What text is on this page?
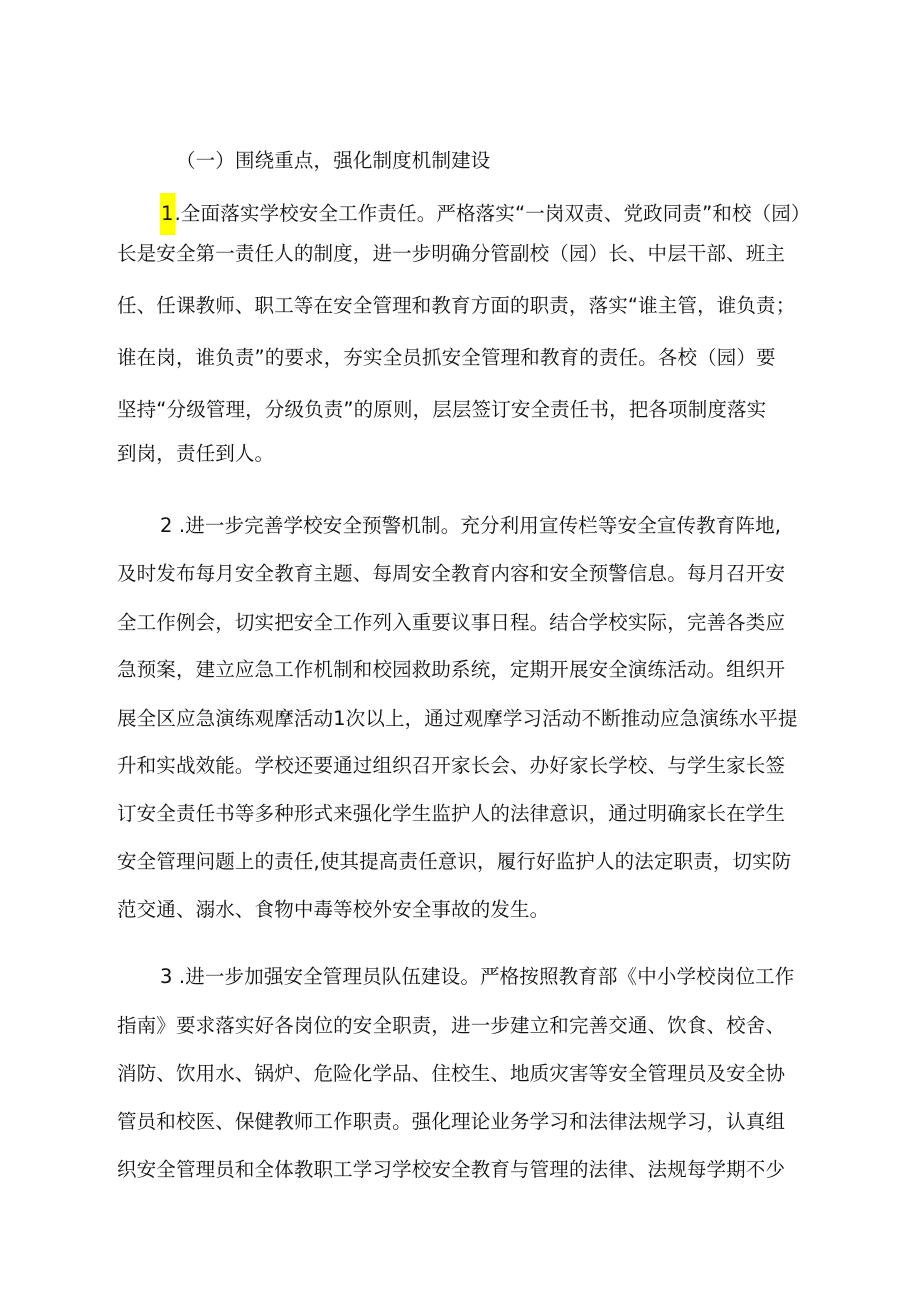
（一）围绕重点，强化制度机制建设
1.全面落实学校安全工作责任。严格落实“一岗双责、党政同责”和校（园）
长是安全第一责任人的制度，进一步明确分管副校（园）长、中层干部、班主
任、任课教师、职工等在安全管理和教育方面的职责，落实“谁主管，谁负责；
谁在岗，谁负责”的要求，夯实全员抓安全管理和教育的责任。各校（园）要
坚持“分级管理，分级负责”的原则，层层签订安全责任书，把各项制度落实
到岗，责任到人。
2 .进一步完善学校安全预警机制。充分利用宣传栏等安全宣传教育阵地,
及时发布每月安全教育主题、每周安全教育内容和安全预警信息。每月召开安
全工作例会，切实把安全工作列入重要议事日程。结合学校实际，完善各类应
急预案，建立应急工作机制和校园救助系统，定期开展安全演练活动。组织开
展全区应急演练观摩活动1次以上，通过观摩学习活动不断推动应急演练水平提
升和实战效能。学校还要通过组织召开家长会、办好家长学校、与学生家长签
订安全责任书等多种形式来强化学生监护人的法律意识，通过明确家长在学生
安全管理问题上的责任,使其提高责任意识，履行好监护人的法定职责，切实防
范交通、溺水、食物中毒等校外安全事故的发生。
3 .进一步加强安全管理员队伍建设。严格按照教育部《中小学校岗位工作
指南》要求落实好各岗位的安全职责，进一步建立和完善交通、饮食、校舍、
消防、饮用水、锅炉、危险化学品、住校生、地质灾害等安全管理员及安全协
管员和校医、保健教师工作职责。强化理论业务学习和法律法规学习，认真组
织安全管理员和全体教职工学习学校安全教育与管理的法律、法规每学期不少
